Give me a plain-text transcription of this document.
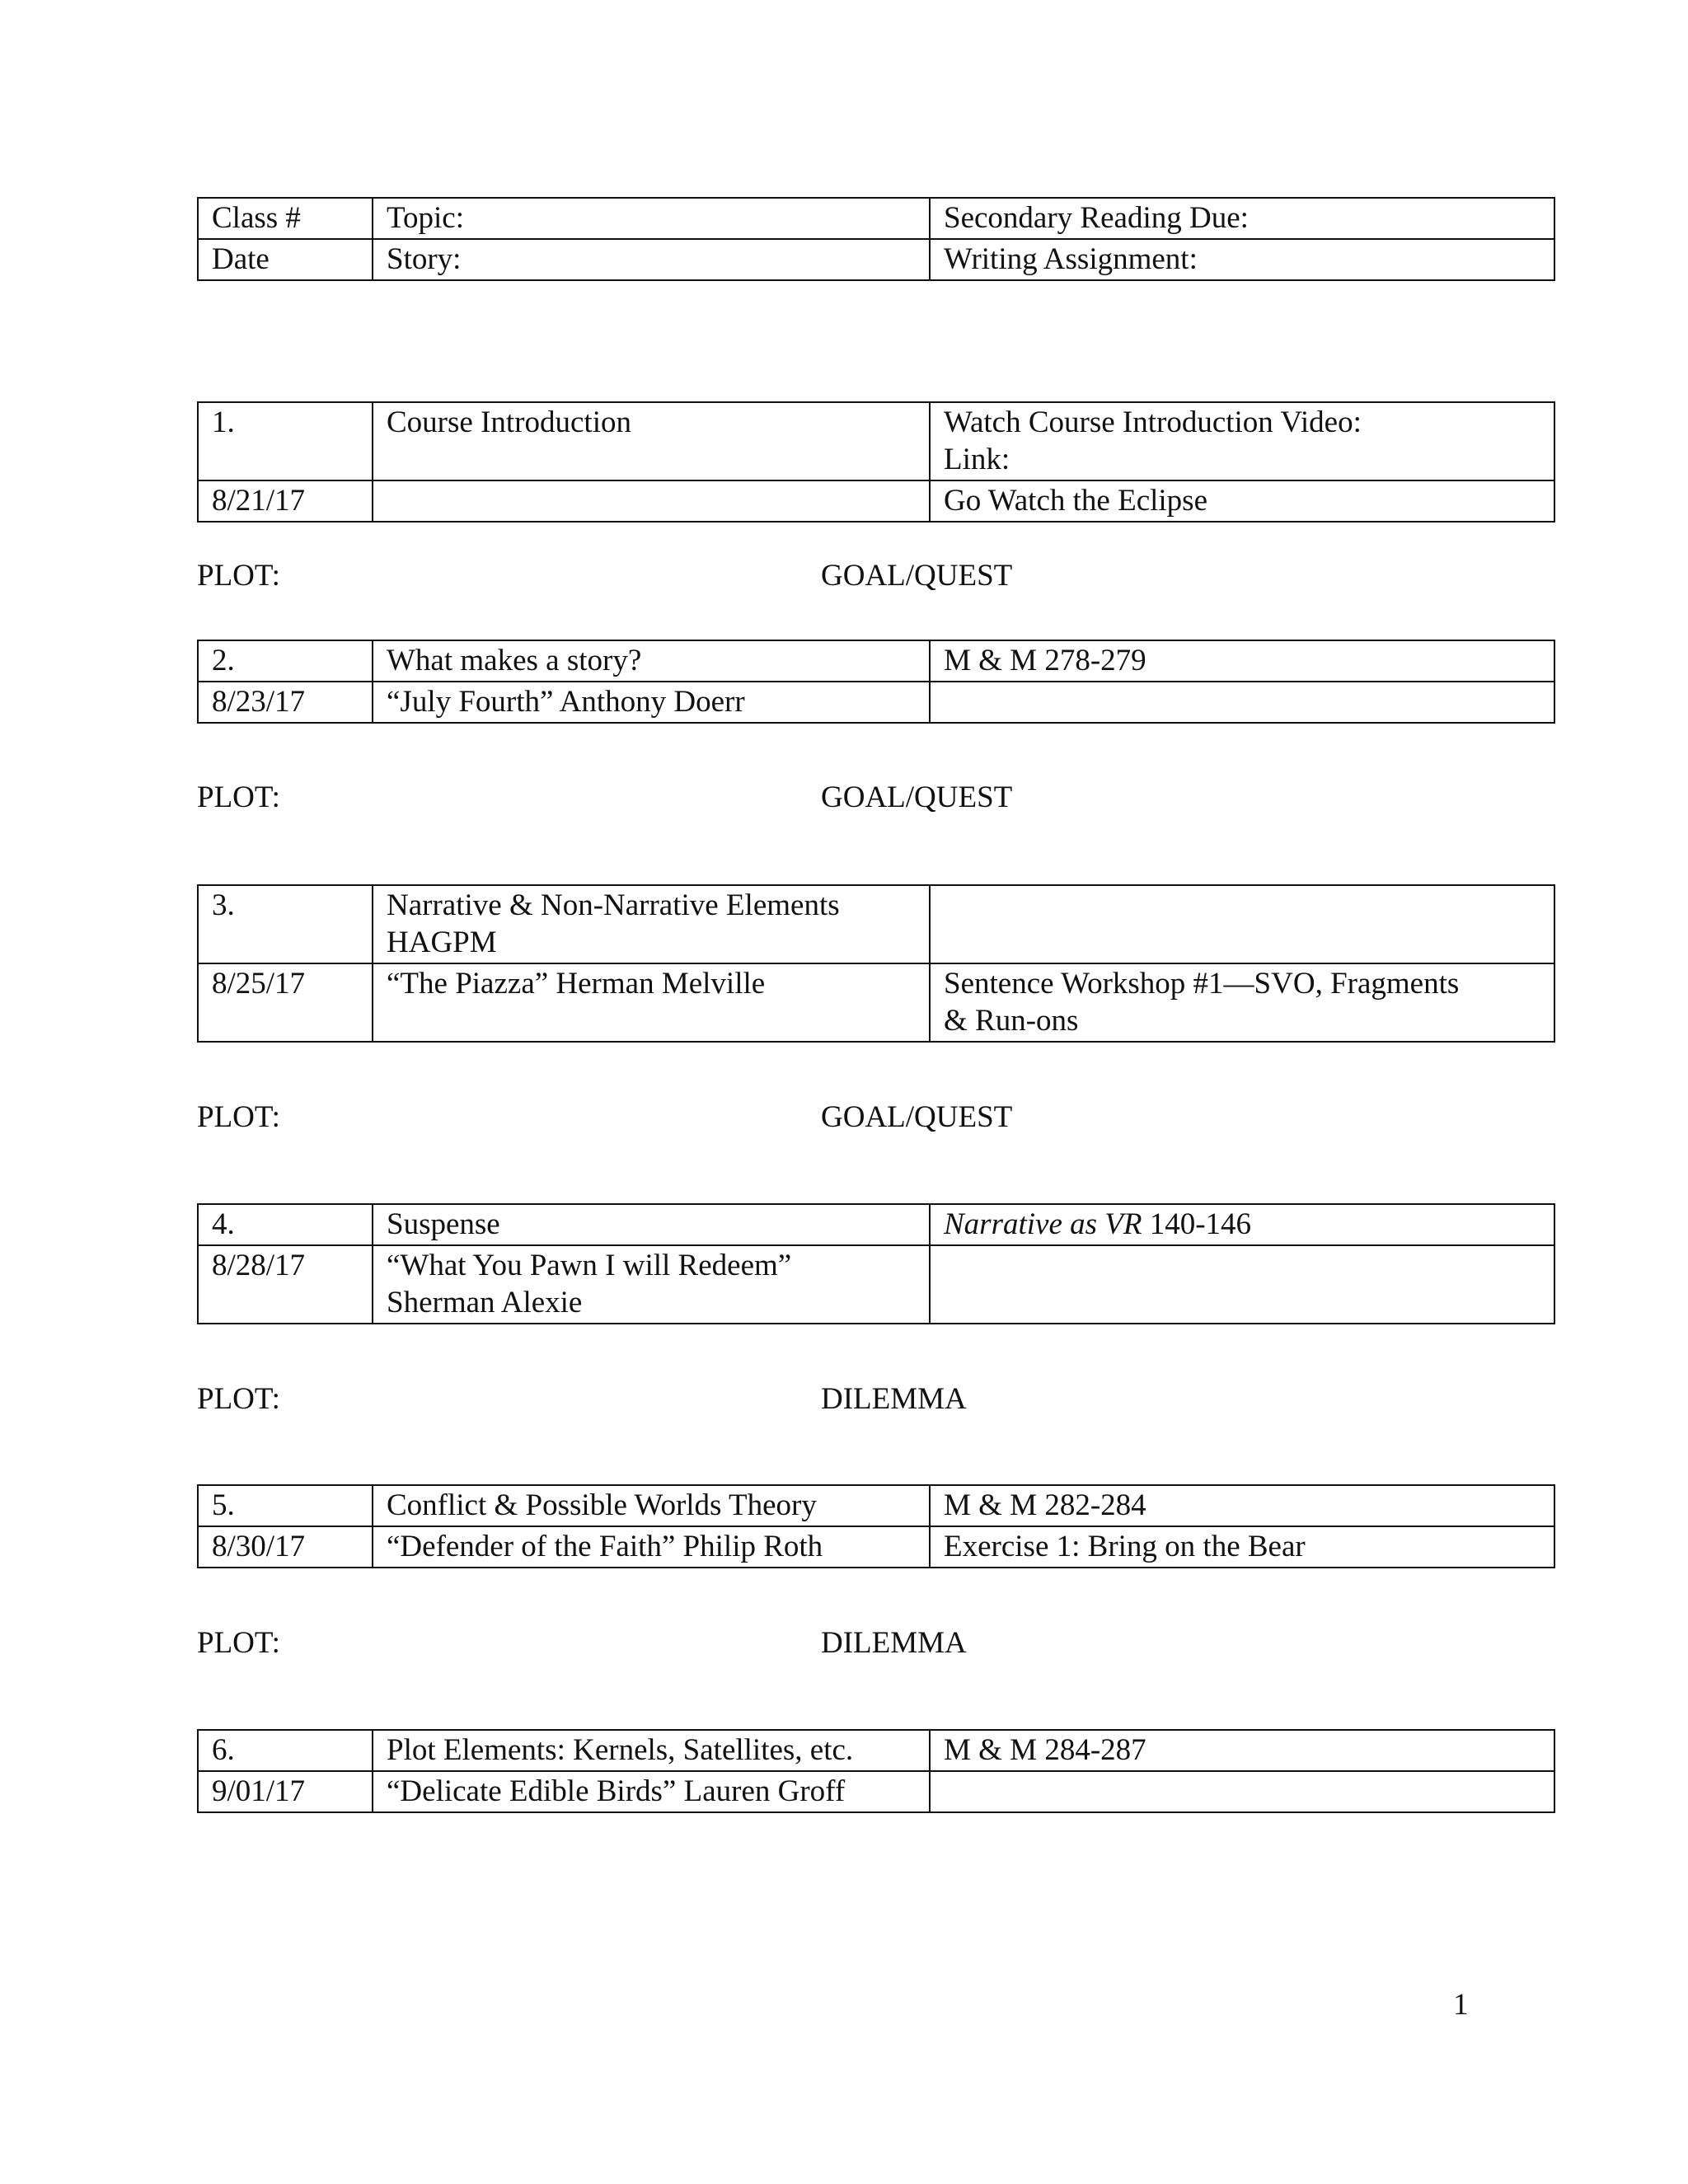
Class #	Topic:	Secondary Reading Due:
Date	Story:	Writing Assignment:
1.	Course Introduction	Watch Course Introduction Video:
Link:

8/21/17		Go Watch the Eclipse
PLOT:	GOAL/QUEST
2.	What makes a story?	M & M 278-279
8/23/17	“July Fourth” Anthony Doerr	
PLOT:	GOAL/QUEST
3.	Narrative & Non-Narrative Elements
HAGPM	

8/25/17	“The Piazza” Herman Melville	Sentence Workshop #1—SVO, Fragments
& Run-ons
PLOT:	GOAL/QUEST
4.	Suspense	Narrative as VR 140-146
8/28/17	“What You Pawn I will Redeem”
Sherman Alexie	

PLOT:	DILEMMA
5.	Conflict & Possible Worlds Theory	M & M 282-284
8/30/17	“Defender of the Faith” Philip Roth	Exercise 1: Bring on the Bear
PLOT:	DILEMMA
6.	Plot Elements: Kernels, Satellites, etc.	M & M 284-287
9/01/17	“Delicate Edible Birds” Lauren Groff	
1
